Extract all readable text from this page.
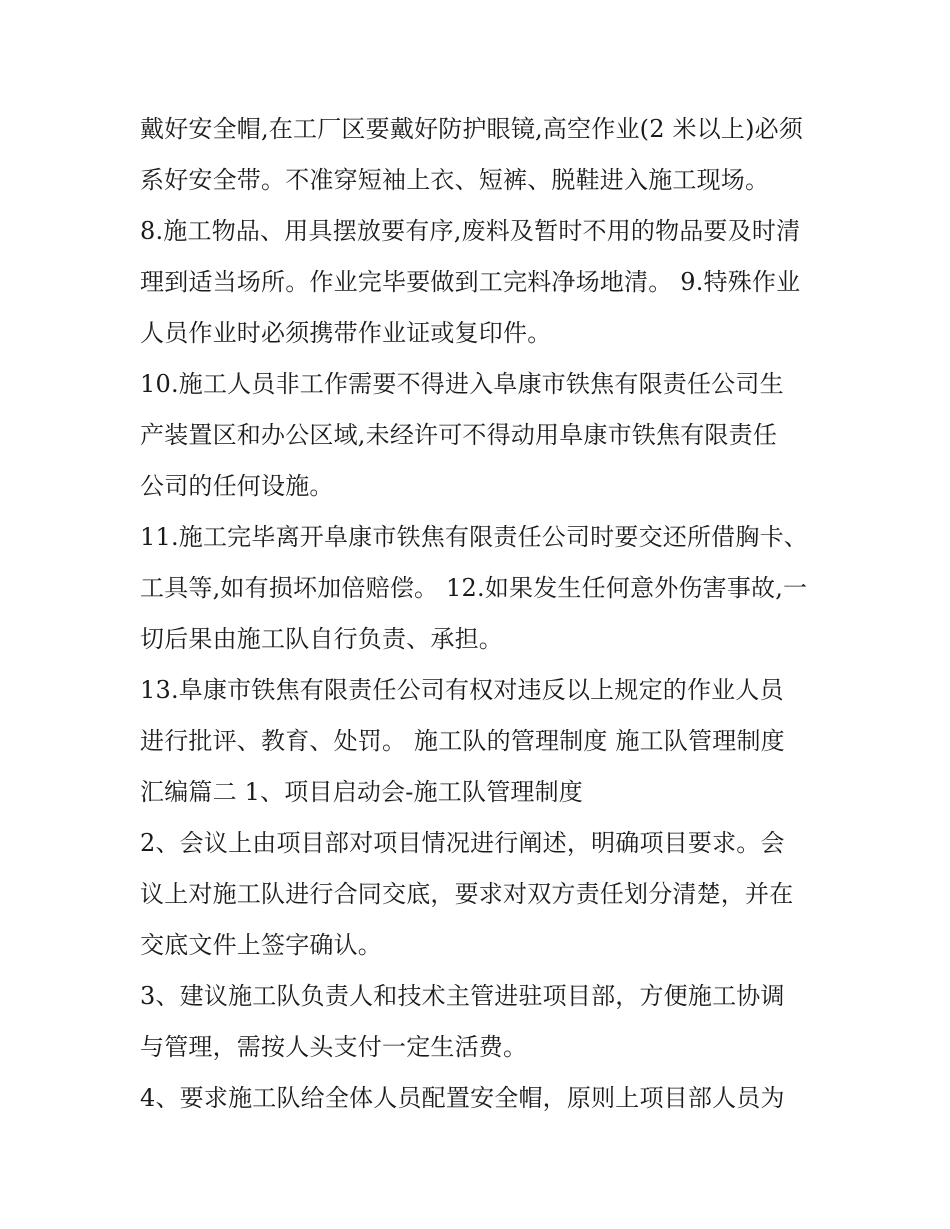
戴好安全帽,在工厂区要戴好防护眼镜,高空作业(2 米以上)必须
系好安全带。不准穿短袖上衣、短裤、脱鞋进入施工现场。
8.施工物品、用具摆放要有序,废料及暂时不用的物品要及时清
理到适当场所。作业完毕要做到工完料净场地清。 9.特殊作业
人员作业时必须携带作业证或复印件。
10.施工人员非工作需要不得进入阜康市铁焦有限责任公司生
产装置区和办公区域,未经许可不得动用阜康市铁焦有限责任
公司的任何设施。
11.施工完毕离开阜康市铁焦有限责任公司时要交还所借胸卡、
工具等,如有损坏加倍赔偿。 12.如果发生任何意外伤害事故,一
切后果由施工队自行负责、承担。
13.阜康市铁焦有限责任公司有权对违反以上规定的作业人员
进行批评、教育、处罚。 施工队的管理制度 施工队管理制度
汇编篇二 1、项目启动会-施工队管理制度
2、会议上由项目部对项目情况进行阐述，明确项目要求。会
议上对施工队进行合同交底，要求对双方责任划分清楚，并在
交底文件上签字确认。
3、建议施工队负责人和技术主管进驻项目部，方便施工协调
与管理，需按人头支付一定生活费。
4、要求施工队给全体人员配置安全帽，原则上项目部人员为
